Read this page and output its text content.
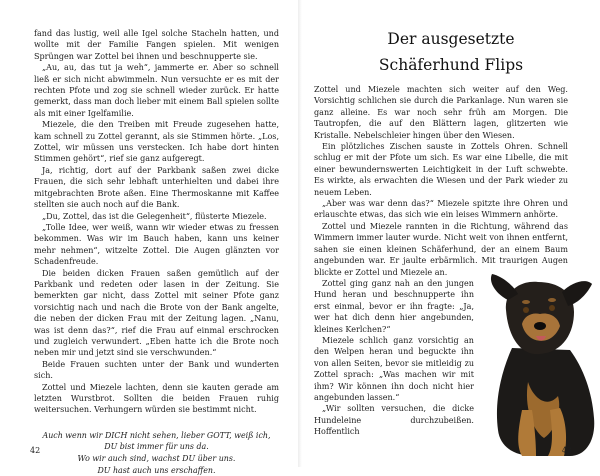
fand das lustig, weil alle Igel solche Stacheln hatten, und wollte mit der Familie Fangen spielen. Mit wenigen Sprüngen war Zottel bei ihnen und beschnupperte sie.

„Au, au, das tut ja weh“, jammerte er. Aber so schnell ließ er sich nicht abwimmeln. Nun versuchte er es mit der rechten Pfote und zog sie schnell wieder zurück. Er hatte gemerkt, dass man doch lieber mit einem Ball spielen sollte als mit einer Igelfamilie.

Miezele, die den Treiben mit Freude zugesehen hatte, kam schnell zu Zottel gerannt, als sie Stimmen hörte. „Los, Zottel, wir müssen uns verstecken. Ich habe dort hinten Stimmen gehört“, rief sie ganz aufgeregt.

Ja, richtig, dort auf der Parkbank saßen zwei dicke Frauen, die sich sehr lebhaft unterhielten und dabei ihre mitgebrachten Brote aßen. Eine Thermoskanne mit Kaffee stellten sie auch noch auf die Bank.

„Du, Zottel, das ist die Gelegenheit“, flüsterte Miezele.

„Tolle Idee, wer weiß, wann wir wieder etwas zu fressen bekommen. Was wir im Bauch haben, kann uns keiner mehr nehmen“, witzelte Zottel. Die Augen glänzten vor Schadenfreude.

Die beiden dicken Frauen saßen gemütlich auf der Parkbank und redeten oder lasen in der Zeitung. Sie bemerkten gar nicht, dass Zottel mit seiner Pfote ganz vorsichtig nach und nach die Brote von der Bank angelte, die neben der dicken Frau mit der Zeitung lagen. „Nanu, was ist denn das?“, rief die Frau auf einmal erschrocken und zugleich verwundert. „Eben hatte ich die Brote noch neben mir und jetzt sind sie verschwunden.“

Beide Frauen suchten unter der Bank und wunderten sich.

Zottel und Miezele lachten, denn sie kauten gerade am letzten Wurstbrot. Sollten die beiden Frauen ruhig weitersuchen. Verhungern würden sie bestimmt nicht.

Auch wenn wir DICH nicht sehen, lieber GOTT, weiß ich,
DU bist immer für uns da.
Wo wir auch sind, wachst DU über uns.
DU hast auch uns erschaffen.
42
Der ausgesetzte
Schäferhund Flips

Zottel und Miezele machten sich weiter auf den Weg. Vorsichtig schlichen sie durch die Parkanlage. Nun waren sie ganz alleine. Es war noch sehr früh am Morgen. Die Tautropfen, die auf den Blättern lagen, glitzerten wie Kristalle. Nebelschleier hingen über den Wiesen.

Ein plötzliches Zischen sauste in Zottels Ohren. Schnell schlug er mit der Pfote um sich. Es war eine Libelle, die mit einer bewundernswerten Leichtigkeit in der Luft schwebte. Es wirkte, als erwachten die Wiesen und der Park wieder zu neuem Leben.

„Aber was war denn das?“ Miezele spitzte ihre Ohren und erlauschte etwas, das sich wie ein leises Wimmern anhörte.

Zottel und Miezele rannten in die Richtung, während das Wimmern immer lauter wurde. Nicht weit von ihnen entfernt, sahen sie einen kleinen Schäferhund, der an einem Baum angebunden war. Er jaulte erbärmlich. Mit traurigen Augen blickte er Zottel und Miezele an.

Zottel ging ganz nah an den jungen Hund heran und beschnupperte ihn erst einmal, bevor er ihn fragte: „Ja, wer hat dich denn hier angebunden, kleines Kerlchen?“

Miezele schlich ganz vorsichtig an den Welpen heran und beguckte ihn von allen Seiten, bevor sie mitleidig zu Zottel sprach: „Was machen wir mit ihm? Wir können ihn doch nicht hier angebunden lassen.“

„Wir sollten versuchen, die dicke Hundeleine durchzubeißen. Hoffentlich

43
